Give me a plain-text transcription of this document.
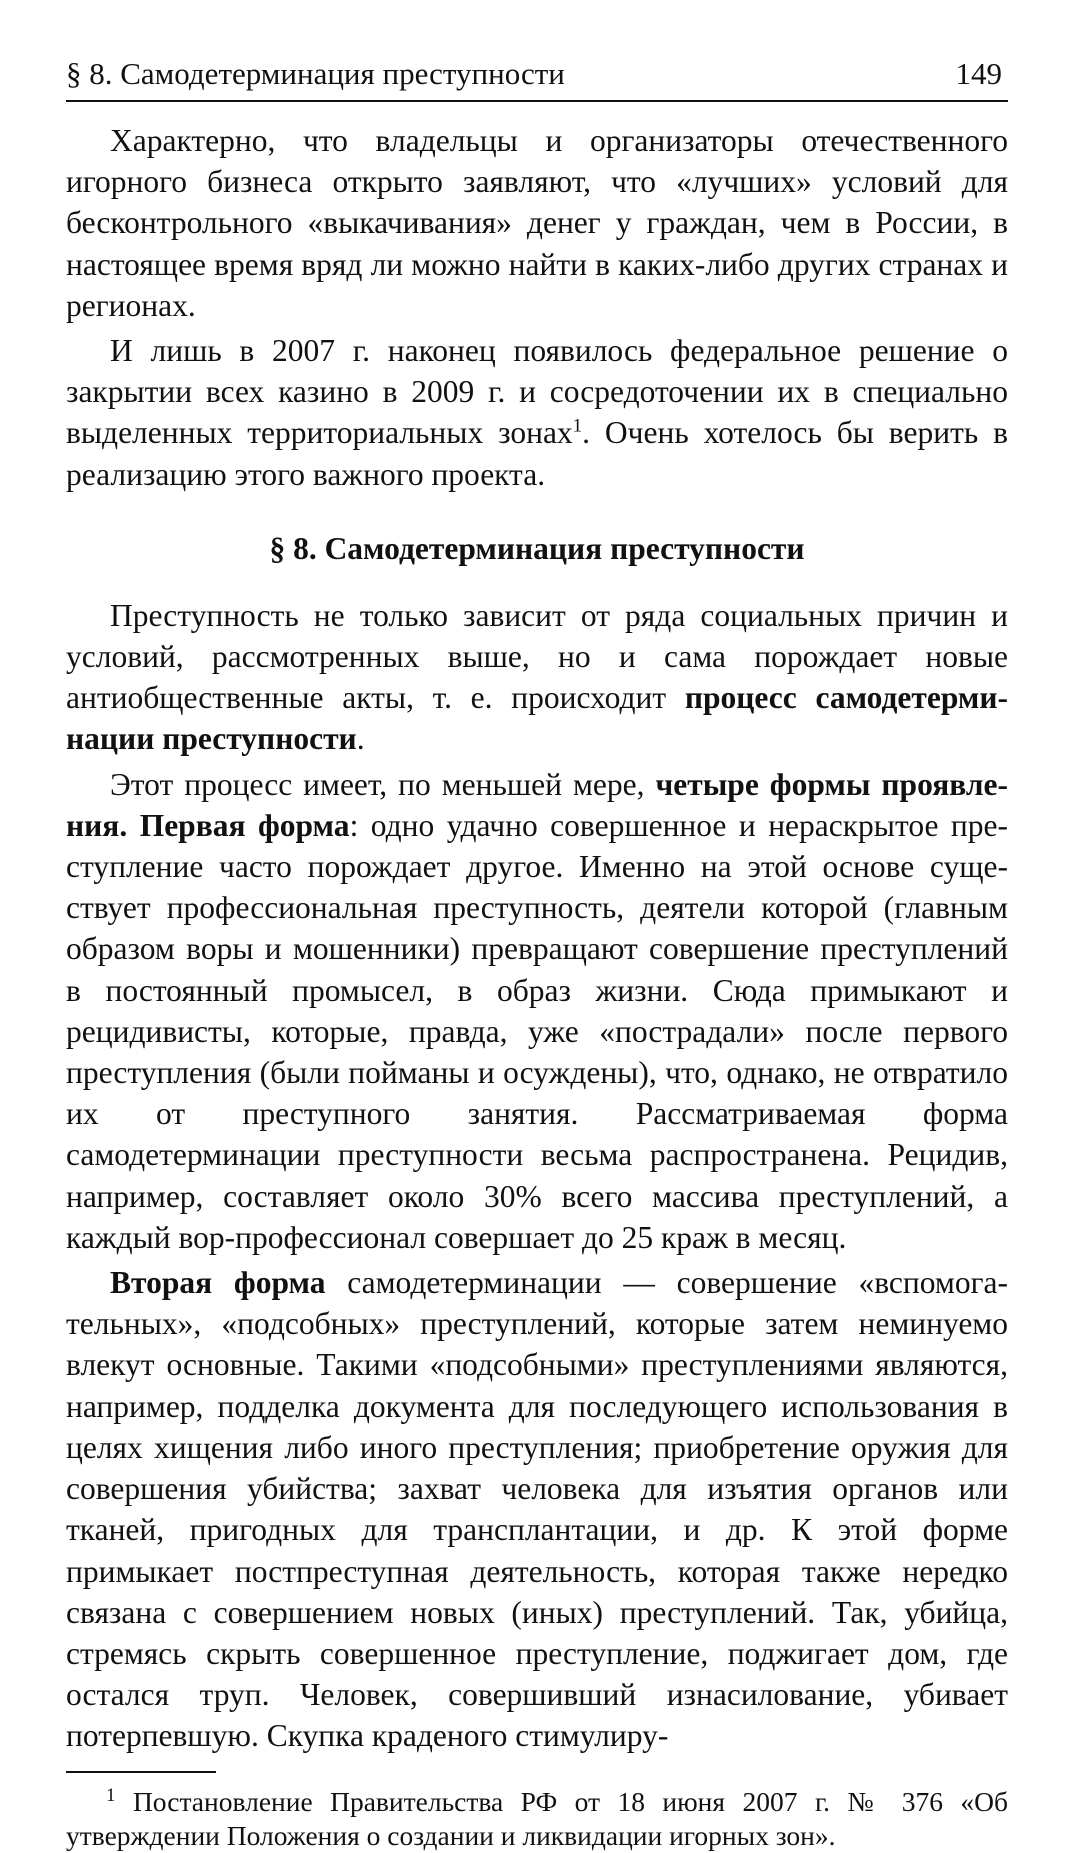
§ 8. Самодетерминация преступности	149

Характерно, что владельцы и организаторы отечественного игорного бизнеса открыто заявляют, что «лучших» условий для бесконтрольного «выкачивания» денег у граждан, чем в России, в настоящее время вряд ли можно найти в каких-либо других странах и регионах.

И лишь в 2007 г. наконец появилось федеральное решение о закрытии всех казино в 2009 г. и сосредоточении их в специально выделенных территориальных зонах$^1$. Очень хотелось бы верить в реализацию этого важного проекта.

§ 8. Самодетерминация преступности

Преступность не только зависит от ряда социальных причин и условий, рассмотренных выше, но и сама порождает новые антиобщественные акты, т. е. происходит процесс самодетерминации преступности.

Этот процесс имеет, по меньшей мере, четыре формы проявления. Первая форма: одно удачно совершенное и нераскрытое преступление часто порождает другое. Именно на этой основе существует профессиональная преступность, деятели которой (главным образом воры и мошенники) превращают совершение преступлений в постоянный промысел, в образ жизни. Сюда примыкают и рецидивисты, которые, правда, уже «пострадали» после первого преступления (были пойманы и осуждены), что, однако, не отвратило их от преступного занятия. Рассматриваемая форма самодетерминации преступности весьма распространена. Рецидив, например, составляет около 30% всего массива преступлений, а каждый вор-профессионал совершает до 25 краж в месяц.

Вторая форма самодетерминации — совершение «вспомогательных», «подсобных» преступлений, которые затем неминуемо влекут основные. Такими «подсобными» преступлениями являются, например, подделка документа для последующего использования в целях хищения либо иного преступления; приобретение оружия для совершения убийства; захват человека для изъятия органов или тканей, пригодных для трансплантации, и др. К этой форме примыкает постпреступная деятельность, которая также нередко связана с совершением новых (иных) преступлений. Так, убийца, стремясь скрыть совершенное преступление, поджигает дом, где остался труп. Человек, совершивший изнасилование, убивает потерпевшую. Скупка краденого стимулиру-

$^1$ Постановление Правительства РФ от 18 июня 2007 г. № 376 «Об утверждении Положения о создании и ликвидации игорных зон».
